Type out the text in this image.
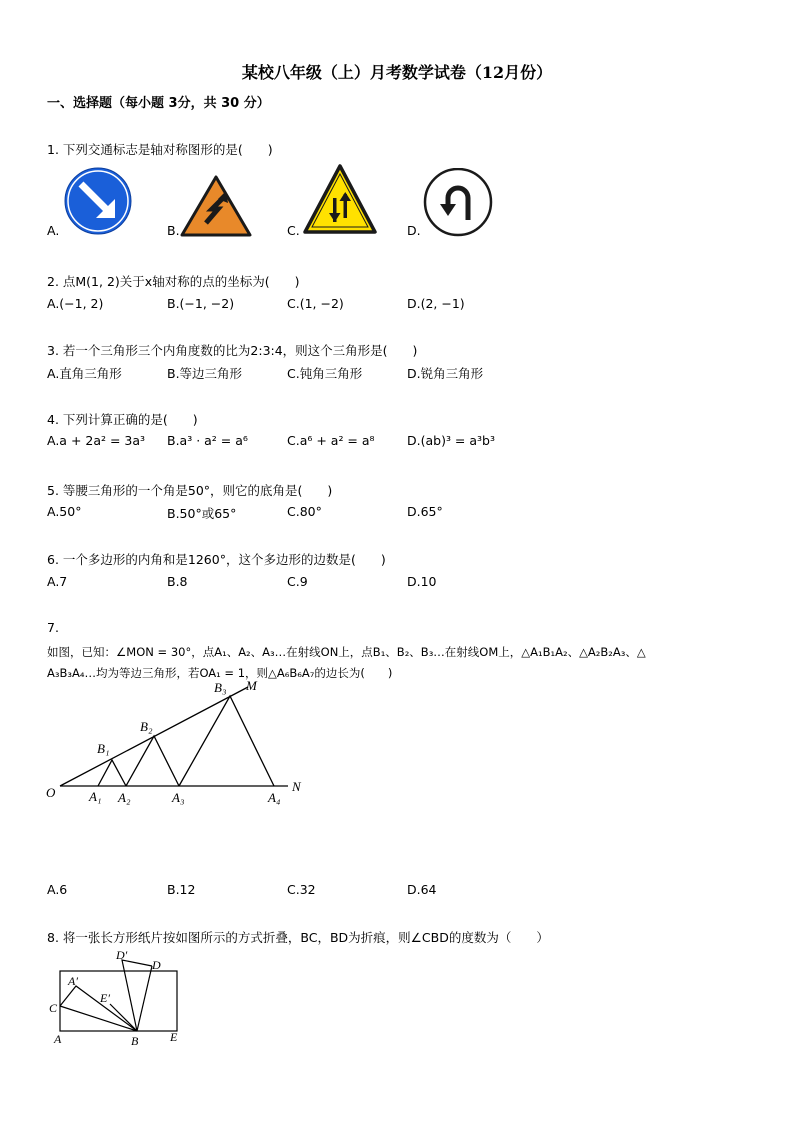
某校八年级（上）月考数学试卷（12月份）
一、选择题（每小题 3分，共 30 分）
1. 下列交通标志是轴对称图形的是(　　)
A.	B.	C.	D.
2. 点M(1, 2)关于x轴对称的点的坐标为(　　)
A.(−1, 2)	B.(−1, −2)	C.(1, −2)	D.(2, −1)
3. 若一个三角形三个内角度数的比为2:3:4，则这个三角形是(　　)
A.直角三角形	B.等边三角形	C.钝角三角形	D.锐角三角形
4. 下列计算正确的是(　　)
A.a + 2a² = 3a³ B.a³ · a² = a⁶	C.a⁶ + a² = a⁸	D.(ab)³ = a³b³
5. 等腰三角形的一个角是50°，则它的底角是(　　)
A.50°	B.50°或65°	C.80°	D.65°
6. 一个多边形的内角和是1260°，这个多边形的边数是(　　)
A.7	B.8	C.9	D.10
7.
如图，已知：∠MON = 30°，点A₁、A₂、A₃…在射线ON上，点B₁、B₂、B₃…在射线OM上，△A₁B₁A₂、△A₂B₂A₃、△
A₃B₃A₄…均为等边三角形，若OA₁ = 1，则△A₆B₆A₇的边长为(　　)
O	A₁ A₂	A₃	A₄
B₁
B₂
B₃ M
N
A.6	B.12	C.32	D.64
8. 将一张长方形纸片按如图所示的方式折叠，BC，BD为折痕，则∠CBD的度数为（　　）
C
A	B	E
A′
D′
D
E′
